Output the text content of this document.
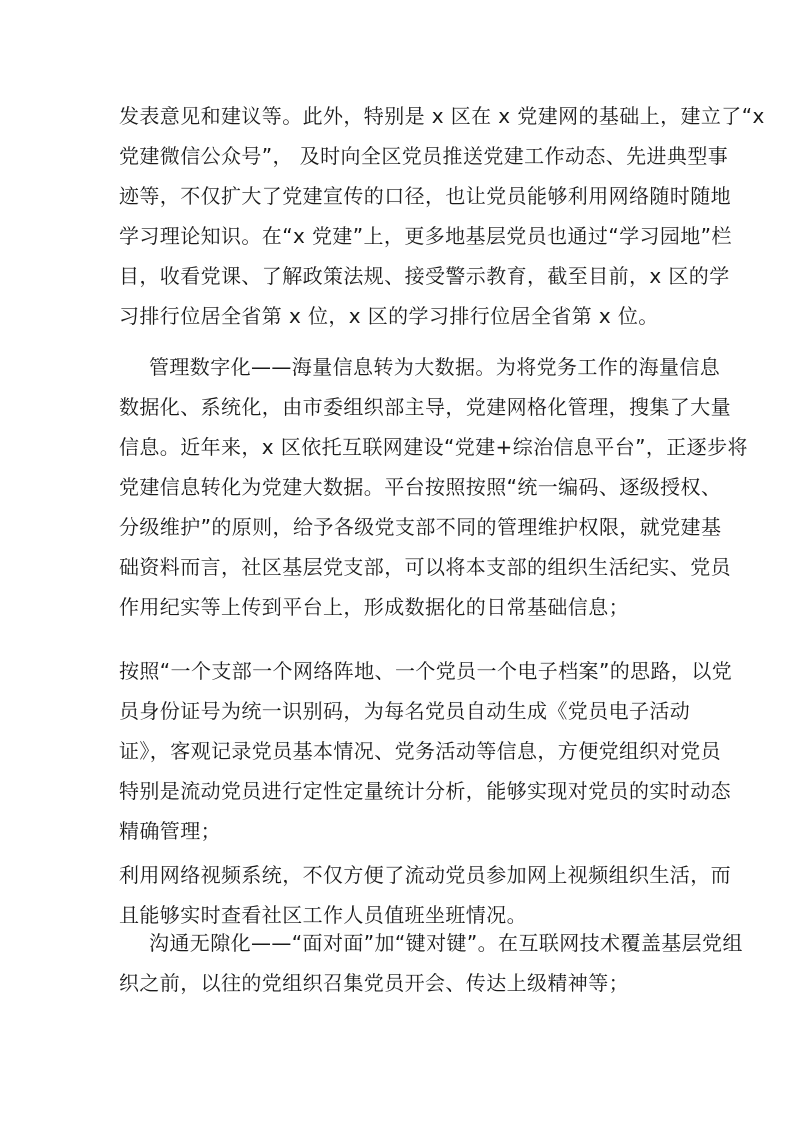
发表意见和建议等。此外，特别是 x 区在 x 党建网的基础上，建立了“x
党建微信公众号”， 及时向全区党员推送党建工作动态、先进典型事
迹等，不仅扩大了党建宣传的口径，也让党员能够利用网络随时随地
学习理论知识。在“x 党建”上，更多地基层党员也通过“学习园地”栏
目，收看党课、了解政策法规、接受警示教育，截至目前，x 区的学
习排行位居全省第 x 位，x 区的学习排行位居全省第 x 位。
管理数字化——海量信息转为大数据。为将党务工作的海量信息
数据化、系统化，由市委组织部主导，党建网格化管理，搜集了大量
信息。近年来，x 区依托互联网建设“党建+综治信息平台”，正逐步将
党建信息转化为党建大数据。平台按照按照“统一编码、逐级授权、
分级维护”的原则，给予各级党支部不同的管理维护权限，就党建基
础资料而言，社区基层党支部，可以将本支部的组织生活纪实、党员
作用纪实等上传到平台上，形成数据化的日常基础信息；
按照“一个支部一个网络阵地、一个党员一个电子档案”的思路，以党
员身份证号为统一识别码，为每名党员自动生成《党员电子活动
证》，客观记录党员基本情况、党务活动等信息，方便党组织对党员
特别是流动党员进行定性定量统计分析，能够实现对党员的实时动态
精确管理；
利用网络视频系统，不仅方便了流动党员参加网上视频组织生活，而
且能够实时查看社区工作人员值班坐班情况。
沟通无隙化——“面对面”加“键对键”。在互联网技术覆盖基层党组
织之前，以往的党组织召集党员开会、传达上级精神等；
